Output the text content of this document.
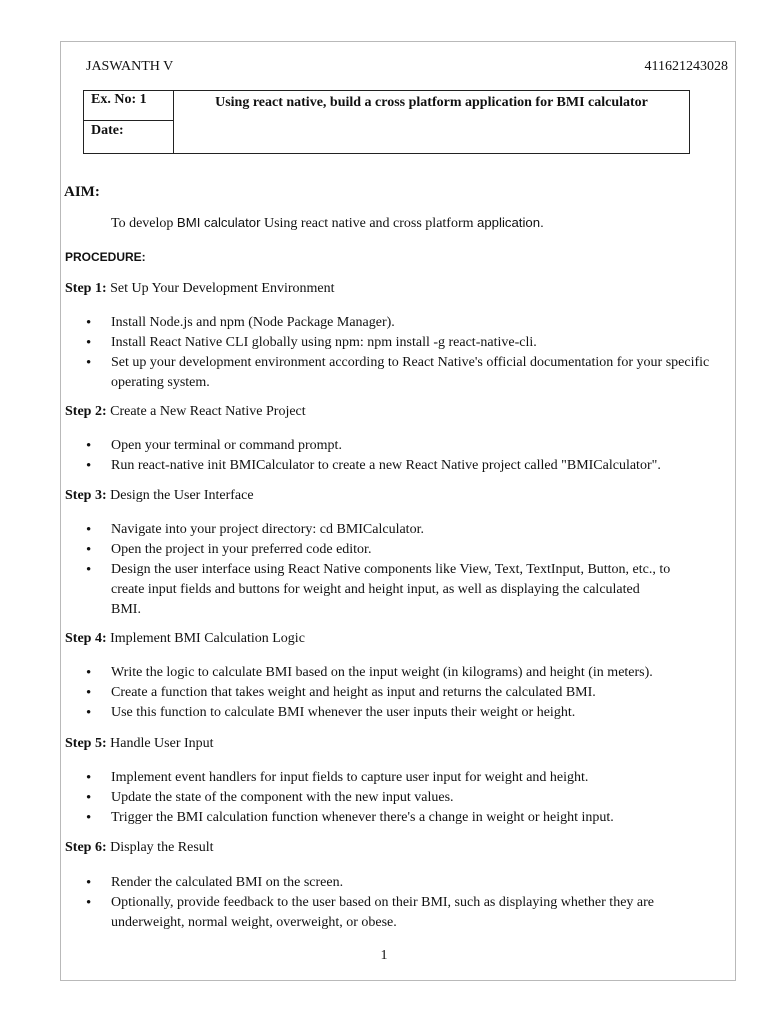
JASWANTH V	411621243028
Ex. No: 1
Date:
Using react native, build a cross platform application for BMI calculator
AIM:
To develop BMI calculator Using react native and cross platform application.
PROCEDURE:
Step 1: Set Up Your Development Environment
• Install Node.js and npm (Node Package Manager).
• Install React Native CLI globally using npm: npm install -g react-native-cli.
• Set up your development environment according to React Native's official documentation for your specific operating system.
Step 2: Create a New React Native Project
• Open your terminal or command prompt.
• Run react-native init BMICalculator to create a new React Native project called "BMICalculator".
Step 3: Design the User Interface
• Navigate into your project directory: cd BMICalculator.
• Open the project in your preferred code editor.
• Design the user interface using React Native components like View, Text, TextInput, Button, etc., to create input fields and buttons for weight and height input, as well as displaying the calculated BMI.
Step 4: Implement BMI Calculation Logic
• Write the logic to calculate BMI based on the input weight (in kilograms) and height (in meters).
• Create a function that takes weight and height as input and returns the calculated BMI.
• Use this function to calculate BMI whenever the user inputs their weight or height.
Step 5: Handle User Input
• Implement event handlers for input fields to capture user input for weight and height.
• Update the state of the component with the new input values.
• Trigger the BMI calculation function whenever there's a change in weight or height input.
Step 6: Display the Result
• Render the calculated BMI on the screen.
• Optionally, provide feedback to the user based on their BMI, such as displaying whether they are underweight, normal weight, overweight, or obese.
1
